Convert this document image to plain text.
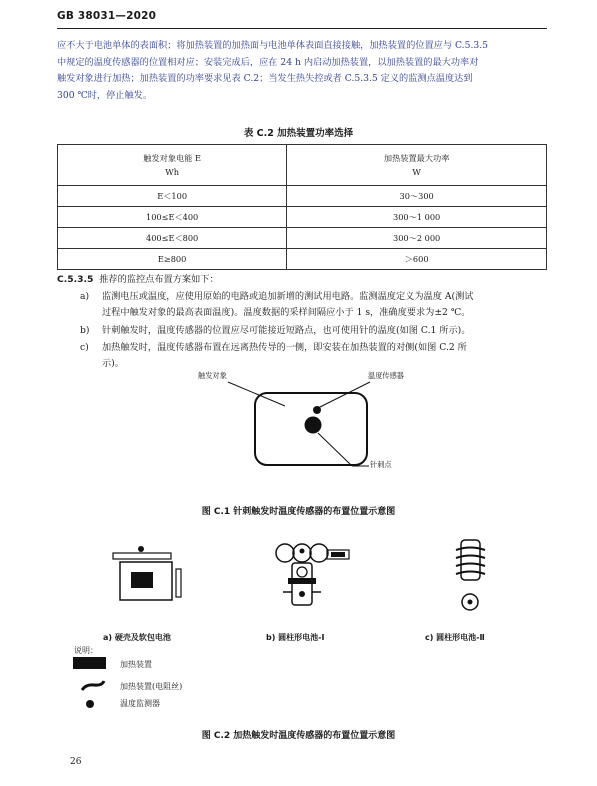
GB 38031—2020
应不大于电池单体的表面积；将加热装置的加热面与电池单体表面直接接触，加热装置的位置应与 C.5.3.5
中规定的温度传感器的位置相对应；安装完成后，应在 24 h 内启动加热装置，以加热装置的最大功率对
触发对象进行加热；加热装置的功率要求见表 C.2；当发生热失控或者 C.5.3.5 定义的监测点温度达到
300 ℃时，停止触发。
表 C.2 加热装置功率选择
触发对象电能 E
Wh	加热装置最大功率
W
E＜100	30～300
100≤E＜400	300～1 000
400≤E＜800	300～2 000
E≥800	＞600
C.5.3.5 推荐的监控点布置方案如下：
a) 监测电压或温度，应使用原始的电路或追加新增的测试用电路。监测温度定义为温度 A(测试
过程中触发对象的最高表面温度)。温度数据的采样间隔应小于 1 s，准确度要求为±2 ℃。
b) 针刺触发时，温度传感器的位置应尽可能接近短路点，也可使用针的温度(如图 C.1 所示)。
c) 加热触发时，温度传感器布置在远离热传导的一侧，即安装在加热装置的对侧(如图 C.2 所
示)。
触发对象	温度传感器
针刺点
图 C.1 针刺触发时温度传感器的布置位置示意图
a) 硬壳及软包电池	b) 圆柱形电池-Ⅰ	c) 圆柱形电池-Ⅱ
说明：
加热装置
加热装置(电阻丝)
温度监测器
图 C.2 加热触发时温度传感器的布置位置示意图
26
